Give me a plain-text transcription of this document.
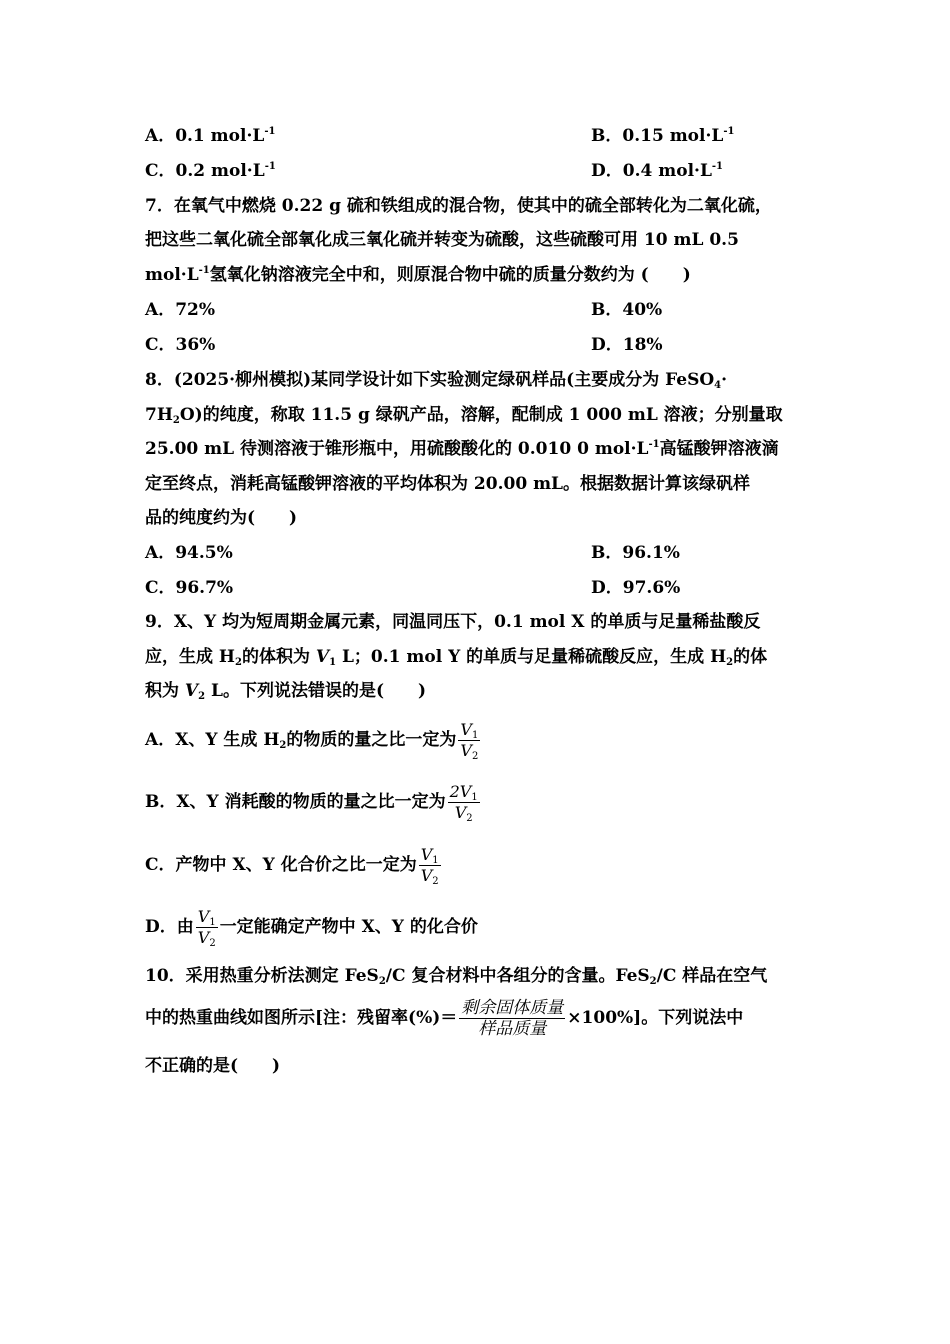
A．0.1 $mol\cdot L^{-1}$	B．0.15 $mol\cdot L^{-1}$
C．0.2 $mol\cdot L^{-1}$	D．0.4 $mol\cdot L^{-1}$
7．在氧气中燃烧 0.22 g 硫和铁组成的混合物，使其中的硫全部转化为二氧化硫，
把这些二氧化硫全部氧化成三氧化硫并转变为硫酸，这些硫酸可用 10 mL 0.5
$mol\cdot L^{-1}$氢氧化钠溶液完全中和，则原混合物中硫的质量分数约为 (　　)
A．72%	B．40%
C．36%	D．18%
8．(2025·柳州模拟)某同学设计如下实验测定绿矾样品(主要成分为 FeSO$_4$·
$7H_2O$)的纯度，称取 11.5 g 绿矾产品，溶解，配制成 1 000 mL 溶液；分别量取
25.00 mL 待测溶液于锥形瓶中，用硫酸酸化的 0.010 0 $mol\cdot L^{-1}$高锰酸钾溶液滴
定至终点，消耗高锰酸钾溶液的平均体积为 20.00 mL。根据数据计算该绿矾样
品的纯度约为(　　)
A．94.5%	B．96.1%
C．96.7%	D．97.6%
9．X、Y 均为短周期金属元素，同温同压下，0.1 mol X 的单质与足量稀盐酸反
应，生成 $H_2$的体积为 $V_1$ L；0.1 mol Y 的单质与足量稀硫酸反应，生成 $H_2$的体
积为 $V_2$ L。下列说法错误的是(　　)
A．X、Y 生成 $H_2$的物质的量之比一定为 $\frac{V_1}{V_2}$
B．X、Y 消耗酸的物质的量之比一定为 $\frac{2V_1}{V_2}$
C．产物中 X、Y 化合价之比一定为 $\frac{V_1}{V_2}$
D．由 $\frac{V_1}{V_2}$ 一定能确定产物中 X、Y 的化合价
10．采用热重分析法测定 FeS$_2$/C 复合材料中各组分的含量。FeS$_2$/C 样品在空气
中的热重曲线如图所示[注：残留率(%)＝ $\frac{\text{剩余固体质量}}{\text{样品质量}} \times 100\%$]。下列说法中
不正确的是(　　)
